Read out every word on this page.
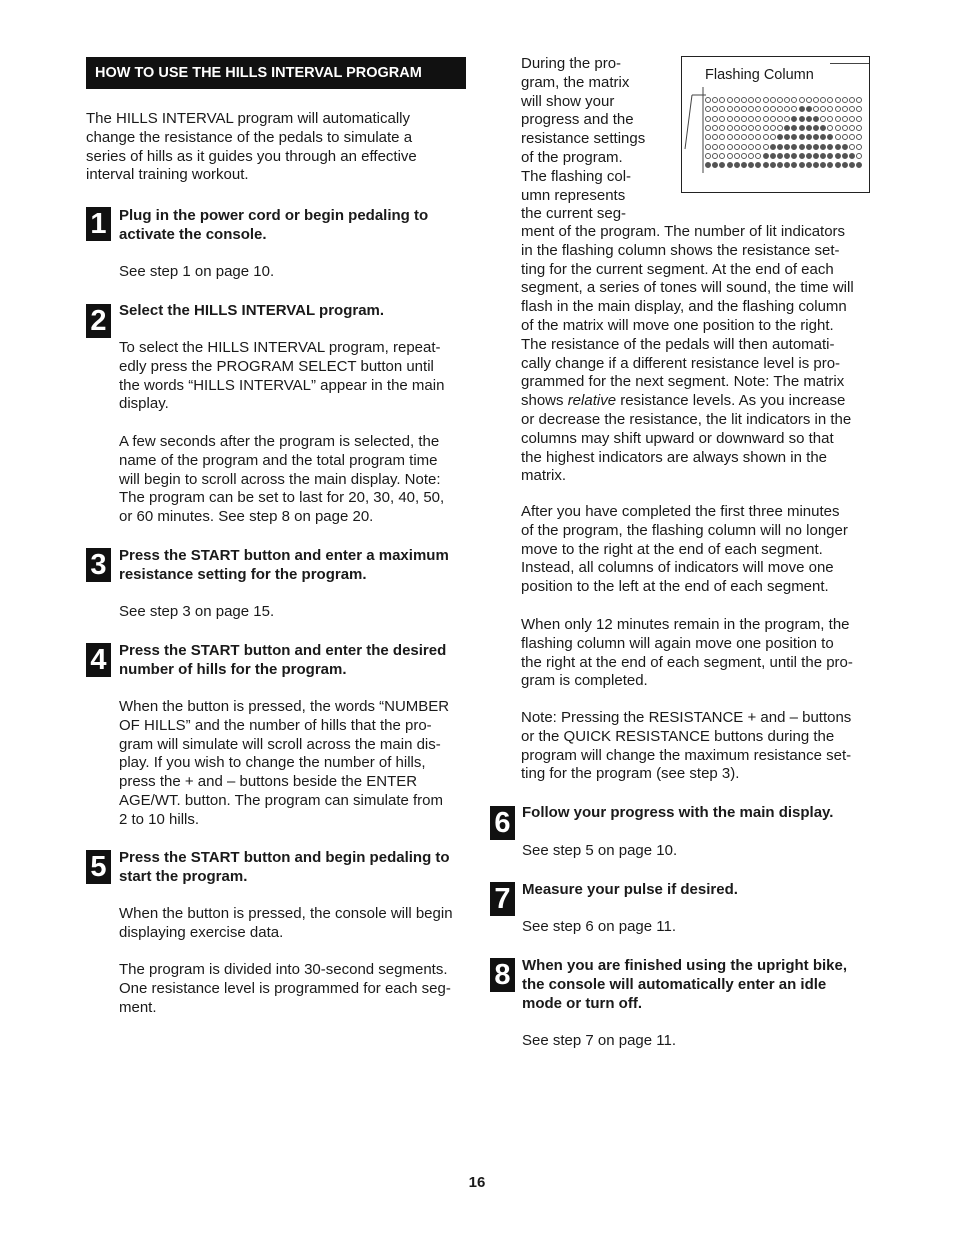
HOW TO USE THE HILLS INTERVAL PROGRAM

The HILLS INTERVAL program will automatically
change the resistance of the pedals to simulate a
series of hills as it guides you through an effective
interval training workout.

1 Plug in the power cord or begin pedaling to
activate the console.

See step 1 on page 10.

2 Select the HILLS INTERVAL program.

To select the HILLS INTERVAL program, repeat-
edly press the PROGRAM SELECT button until
the words “HILLS INTERVAL” appear in the main
display.

A few seconds after the program is selected, the
name of the program and the total program time
will begin to scroll across the main display. Note:
The program can be set to last for 20, 30, 40, 50,
or 60 minutes. See step 8 on page 20.

3 Press the START button and enter a maximum
resistance setting for the program.

See step 3 on page 15.

4 Press the START button and enter the desired
number of hills for the program.

When the button is pressed, the words “NUMBER
OF HILLS” and the number of hills that the pro-
gram will simulate will scroll across the main dis-
play. If you wish to change the number of hills,
press the + and – buttons beside the ENTER
AGE/WT. button. The program can simulate from
2 to 10 hills.

5 Press the START button and begin pedaling to
start the program.

When the button is pressed, the console will begin
displaying exercise data.

The program is divided into 30-second segments.
One resistance level is programmed for each seg-
ment.

During the pro-
gram, the matrix
will show your
progress and the
resistance settings
of the program.
The flashing col-
umn represents
the current seg-

Flashing Column

ment of the program. The number of lit indicators
in the flashing column shows the resistance set-
ting for the current segment. At the end of each
segment, a series of tones will sound, the time will
flash in the main display, and the flashing column
of the matrix will move one position to the right.
The resistance of the pedals will then automati-
cally change if a different resistance level is pro-
grammed for the next segment. Note: The matrix
shows relative resistance levels. As you increase
or decrease the resistance, the lit indicators in the
columns may shift upward or downward so that
the highest indicators are always shown in the
matrix.

After you have completed the first three minutes
of the program, the flashing column will no longer
move to the right at the end of each segment.
Instead, all columns of indicators will move one
position to the left at the end of each segment.

When only 12 minutes remain in the program, the
flashing column will again move one position to
the right at the end of each segment, until the pro-
gram is completed.

Note: Pressing the RESISTANCE + and – buttons
or the QUICK RESISTANCE buttons during the
program will change the maximum resistance set-
ting for the program (see step 3).

6 Follow your progress with the main display.

See step 5 on page 10.

7 Measure your pulse if desired.

See step 6 on page 11.

8 When you are finished using the upright bike,
the console will automatically enter an idle
mode or turn off.

See step 7 on page 11.

16
